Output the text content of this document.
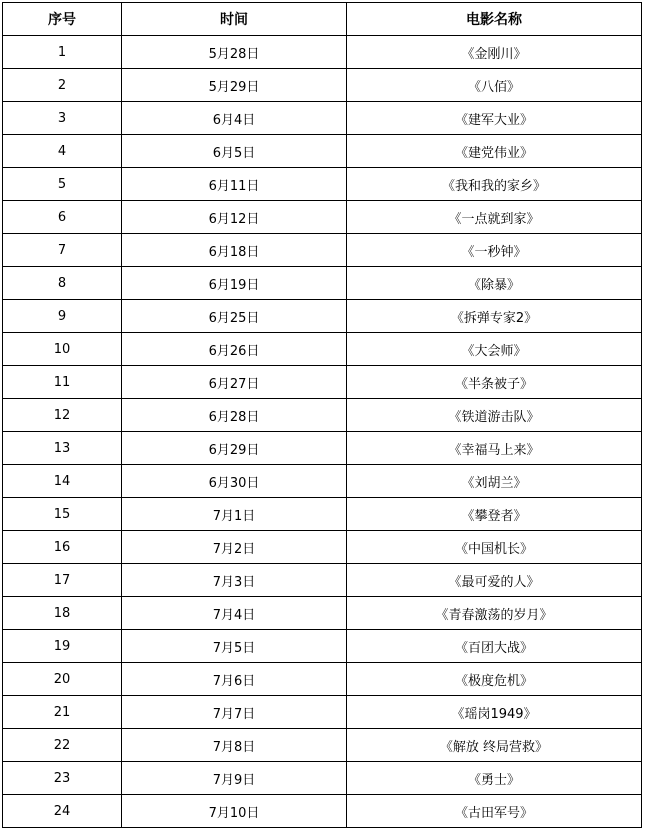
序号	时间	电影名称
1	5月28日	《金刚川》
2	5月29日	《八佰》
3	6月4日	《建军大业》
4	6月5日	《建党伟业》
5	6月11日	《我和我的家乡》
6	6月12日	《一点就到家》
7	6月18日	《一秒钟》
8	6月19日	《除暴》
9	6月25日	《拆弹专家2》
10	6月26日	《大会师》
11	6月27日	《半条被子》
12	6月28日	《铁道游击队》
13	6月29日	《幸福马上来》
14	6月30日	《刘胡兰》
15	7月1日	《攀登者》
16	7月2日	《中国机长》
17	7月3日	《最可爱的人》
18	7月4日	《青春激荡的岁月》
19	7月5日	《百团大战》
20	7月6日	《极度危机》
21	7月7日	《瑶岗1949》
22	7月8日	《解放 终局营救》
23	7月9日	《勇士》
24	7月10日	《古田军号》
